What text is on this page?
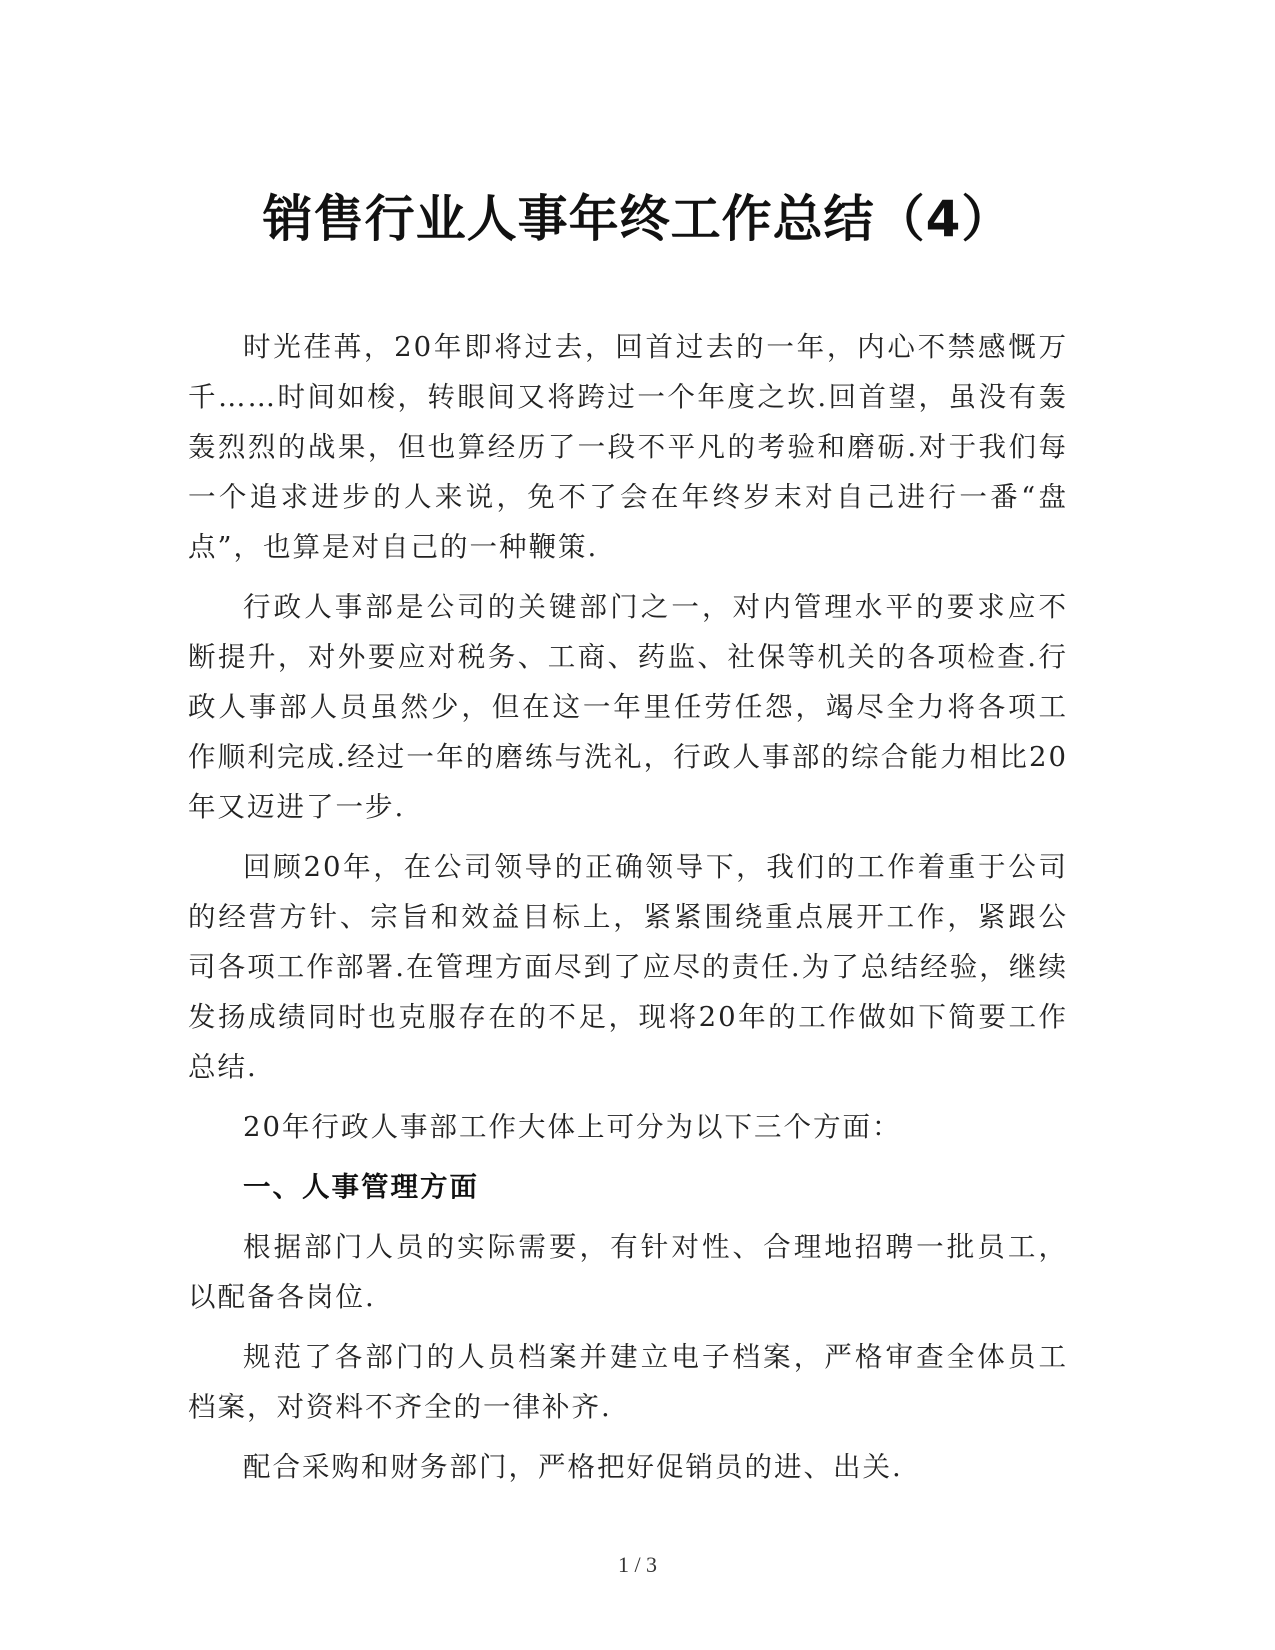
销售行业人事年终工作总结（4）

时光荏苒，20年即将过去，回首过去的一年，内心不禁感慨万千……时间如梭，转眼间又将跨过一个年度之坎.回首望，虽没有轰轰烈烈的战果，但也算经历了一段不平凡的考验和磨砺.对于我们每一个追求进步的人来说，免不了会在年终岁末对自己进行一番“盘点”，也算是对自己的一种鞭策.

行政人事部是公司的关键部门之一，对内管理水平的要求应不断提升，对外要应对税务、工商、药监、社保等机关的各项检查.行政人事部人员虽然少，但在这一年里任劳任怨，竭尽全力将各项工作顺利完成.经过一年的磨练与洗礼，行政人事部的综合能力相比20年又迈进了一步.

回顾20年，在公司领导的正确领导下，我们的工作着重于公司的经营方针、宗旨和效益目标上，紧紧围绕重点展开工作，紧跟公司各项工作部署.在管理方面尽到了应尽的责任.为了总结经验，继续发扬成绩同时也克服存在的不足，现将20年的工作做如下简要工作总结.

20年行政人事部工作大体上可分为以下三个方面：

一、人事管理方面

根据部门人员的实际需要，有针对性、合理地招聘一批员工，以配备各岗位.

规范了各部门的人员档案并建立电子档案，严格审查全体员工档案，对资料不齐全的一律补齐.

配合采购和财务部门，严格把好促销员的进、出关.

1 / 3
